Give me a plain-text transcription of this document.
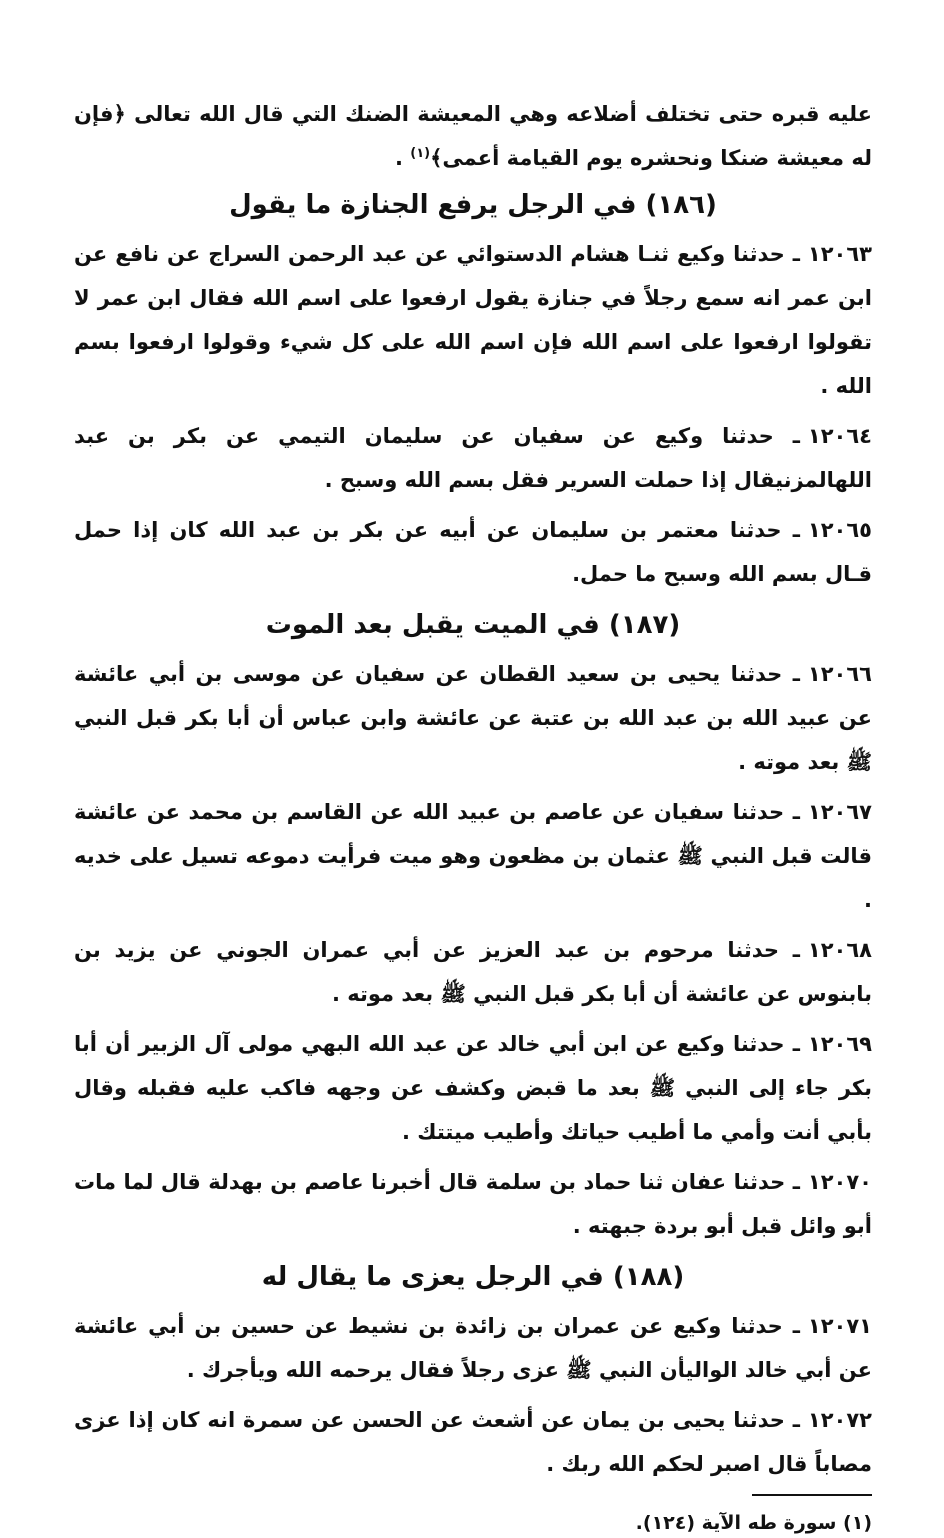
عليه قبره حتى تختلف أضلاعه وهي المعيشة الضنك التي قال الله تعالى ﴿فإن له معيشة ضنكا ونحشره يوم القيامة أعمى﴾$^{(١)}$ .

(١٨٦) في الرجل يرفع الجنازة ما يقول

١٢٠٦٣ـ حدثنا وكيع ثنـا هشام الدستوائي عن عبد الرحمن السراج عن نافع عن ابن عمر انه سمع رجلاً في جنازة يقول ارفعوا على اسم الله فقال ابن عمر لا تقولوا ارفعوا على اسم الله فإن اسم الله على كل شيء وقولوا ارفعوا بسم الله .

١٢٠٦٤ـ حدثنا وكيع عن سفيان عن سليمان التيمي عن بكر بن عبد اللهالمزنيقال إذا حملت السرير فقل بسم الله وسبح .

١٢٠٦٥ـ حدثنا معتمر بن سليمان عن أبيه عن بكر بن عبد الله كان إذا حمل قـال بسم الله وسبح ما حمل.

(١٨٧) في الميت يقبل بعد الموت

١٢٠٦٦ـ حدثنا يحيى بن سعيد القطان عن سفيان عن موسى بن أبي عائشة عن عبيد الله بن عبد الله بن عتبة عن عائشة وابن عباس أن أبا بكر قبل النبي ﷺ بعد موته .

١٢٠٦٧ـ حدثنا سفيان عن عاصم بن عبيد الله عن القاسم بن محمد عن عائشة قالت قبل النبي ﷺ عثمان بن مظعون وهو ميت فرأيت دموعه تسيل على خديه .

١٢٠٦٨ـ حدثنا مرحوم بن عبد العزيز عن أبي عمران الجوني عن يزيد بن بابنوس عن عائشة أن أبا بكر قبل النبي ﷺ بعد موته .

١٢٠٦٩ـ حدثنا وكيع عن ابن أبي خالد عن عبد الله البهي مولى آل الزبير أن أبا بكر جاء إلى النبي ﷺ بعد ما قبض وكشف عن وجهه فاكب عليه فقبله وقال بأبي أنت وأمي ما أطيب حياتك وأطيب ميتتك .

١٢٠٧٠ـ حدثنا عفان ثنا حماد بن سلمة قال أخبرنا عاصم بن بهدلة قال لما مات أبو وائل قبل أبو بردة جبهته .

(١٨٨) في الرجل يعزى ما يقال له

١٢٠٧١ـ حدثنا وكيع عن عمران بن زائدة بن نشيط عن حسين بن أبي عائشة عن أبي خالد الواليأن النبي ﷺ عزى رجلاً فقال يرحمه الله ويأجرك .

١٢٠٧٢ـ حدثنا يحيى بن يمان عن أشعث عن الحسن عن سمرة انه كان إذا عزى مصاباً قال اصبر لحكم الله ربك .

(١) سورة طه الآية (١٢٤).
